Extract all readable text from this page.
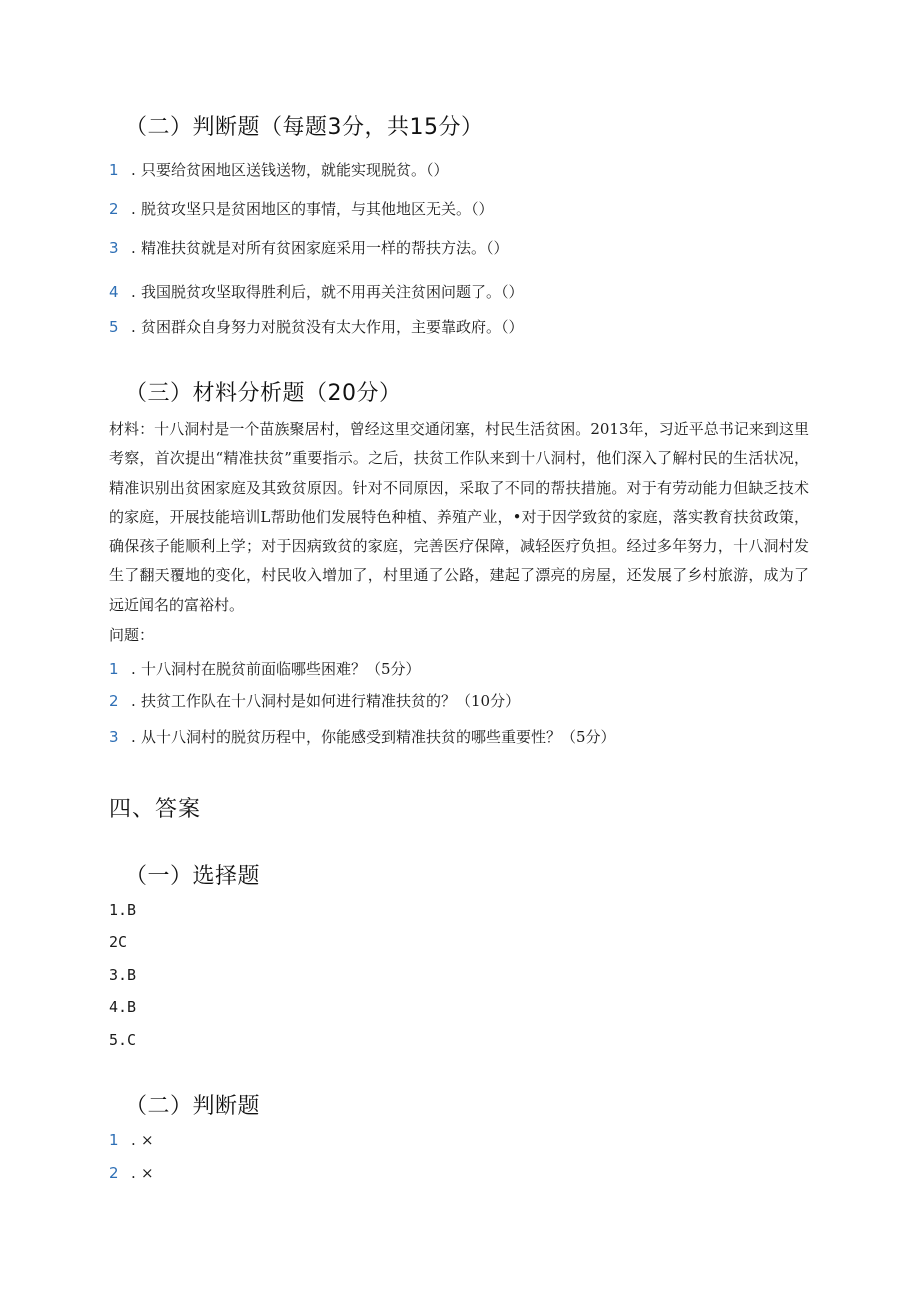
（二）判断题（每题3分，共15分）
1 . 只要给贫困地区送钱送物，就能实现脱贫。（）
2 . 脱贫攻坚只是贫困地区的事情，与其他地区无关。（）
3 . 精准扶贫就是对所有贫困家庭采用一样的帮扶方法。（）
4 . 我国脱贫攻坚取得胜利后，就不用再关注贫困问题了。（）
5 . 贫困群众自身努力对脱贫没有太大作用，主要靠政府。（）
（三）材料分析题（20分）
材料：十八洞村是一个苗族聚居村，曾经这里交通闭塞，村民生活贫困。2013年，习近平总书记来到这里考察，首次提出“精准扶贫”重要指示。之后，扶贫工作队来到十八洞村，他们深入了解村民的生活状况，精准识别出贫困家庭及其致贫原因。针对不同原因，采取了不同的帮扶措施。对于有劳动能力但缺乏技术的家庭，开展技能培训L帮助他们发展特色种植、养殖产业，•对于因学致贫的家庭，落实教育扶贫政策，确保孩子能顺利上学；对于因病致贫的家庭，完善医疗保障，减轻医疗负担。经过多年努力，十八洞村发生了翻天覆地的变化，村民收入增加了，村里通了公路，建起了漂亮的房屋，还发展了乡村旅游，成为了远近闻名的富裕村。
问题：
1 . 十八洞村在脱贫前面临哪些困难？（5分）
2 . 扶贫工作队在十八洞村是如何进行精准扶贫的？（10分）
3 . 从十八洞村的脱贫历程中，你能感受到精准扶贫的哪些重要性？（5分）
四、答案
（一）选择题
1.B
2C
3.B
4.B
5.C
（二）判断题
1 . ×
2 . ×
